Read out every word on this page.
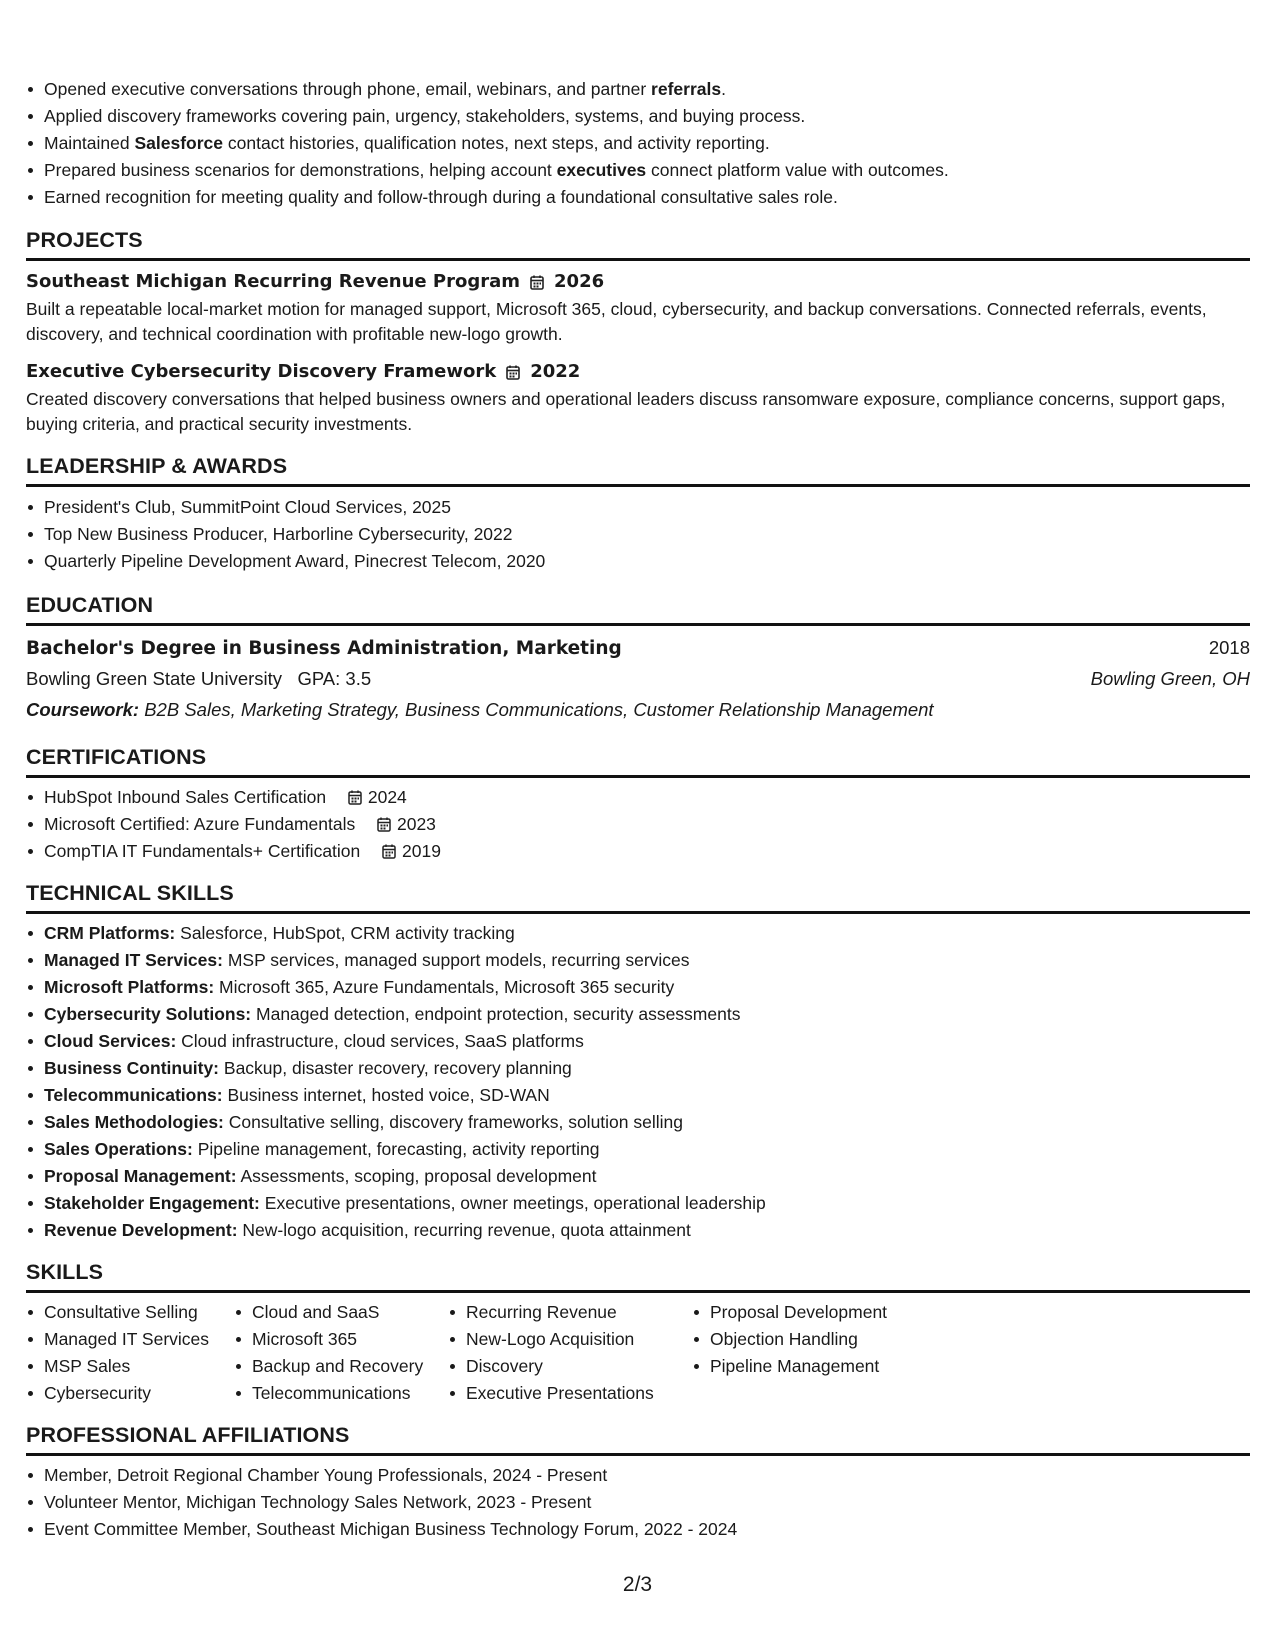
Opened executive conversations through phone, email, webinars, and partner referrals.
Applied discovery frameworks covering pain, urgency, stakeholders, systems, and buying process.
Maintained Salesforce contact histories, qualification notes, next steps, and activity reporting.
Prepared business scenarios for demonstrations, helping account executives connect platform value with outcomes.
Earned recognition for meeting quality and follow-through during a foundational consultative sales role.
PROJECTS
Southeast Michigan Recurring Revenue Program 2026

Built a repeatable local-market motion for managed support, Microsoft 365, cloud, cybersecurity, and backup conversations. Connected referrals, events, discovery, and technical coordination with profitable new-logo growth.

Executive Cybersecurity Discovery Framework 2022

Created discovery conversations that helped business owners and operational leaders discuss ransomware exposure, compliance concerns, support gaps, buying criteria, and practical security investments.

LEADERSHIP & AWARDS
President's Club, SummitPoint Cloud Services, 2025
Top New Business Producer, Harborline Cybersecurity, 2022
Quarterly Pipeline Development Award, Pinecrest Telecom, 2020
EDUCATION
Bachelor's Degree in Business Administration, Marketing	2018
Bowling Green State University GPA: 3.5	Bowling Green, OH
Coursework: B2B Sales, Marketing Strategy, Business Communications, Customer Relationship Management
CERTIFICATIONS
HubSpot Inbound Sales Certification
2024
Microsoft Certified: Azure Fundamentals
2023
CompTIA IT Fundamentals+ Certification
2019
TECHNICAL SKILLS
CRM Platforms: Salesforce, HubSpot, CRM activity tracking
Managed IT Services: MSP services, managed support models, recurring services
Microsoft Platforms: Microsoft 365, Azure Fundamentals, Microsoft 365 security
Cybersecurity Solutions: Managed detection, endpoint protection, security assessments
Cloud Services: Cloud infrastructure, cloud services, SaaS platforms
Business Continuity: Backup, disaster recovery, recovery planning
Telecommunications: Business internet, hosted voice, SD-WAN
Sales Methodologies: Consultative selling, discovery frameworks, solution selling
Sales Operations: Pipeline management, forecasting, activity reporting
Proposal Management: Assessments, scoping, proposal development
Stakeholder Engagement: Executive presentations, owner meetings, operational leadership
Revenue Development: New-logo acquisition, recurring revenue, quota attainment
SKILLS
Consultative Selling
Managed IT Services
MSP Sales
Cybersecurity
Cloud and SaaS
Microsoft 365
Backup and Recovery
Telecommunications
Recurring Revenue
New-Logo Acquisition
Discovery
Executive Presentations
Proposal Development
Objection Handling
Pipeline Management
PROFESSIONAL AFFILIATIONS
Member, Detroit Regional Chamber Young Professionals, 2024 - Present
Volunteer Mentor, Michigan Technology Sales Network, 2023 - Present
Event Committee Member, Southeast Michigan Business Technology Forum, 2022 - 2024
2/3
